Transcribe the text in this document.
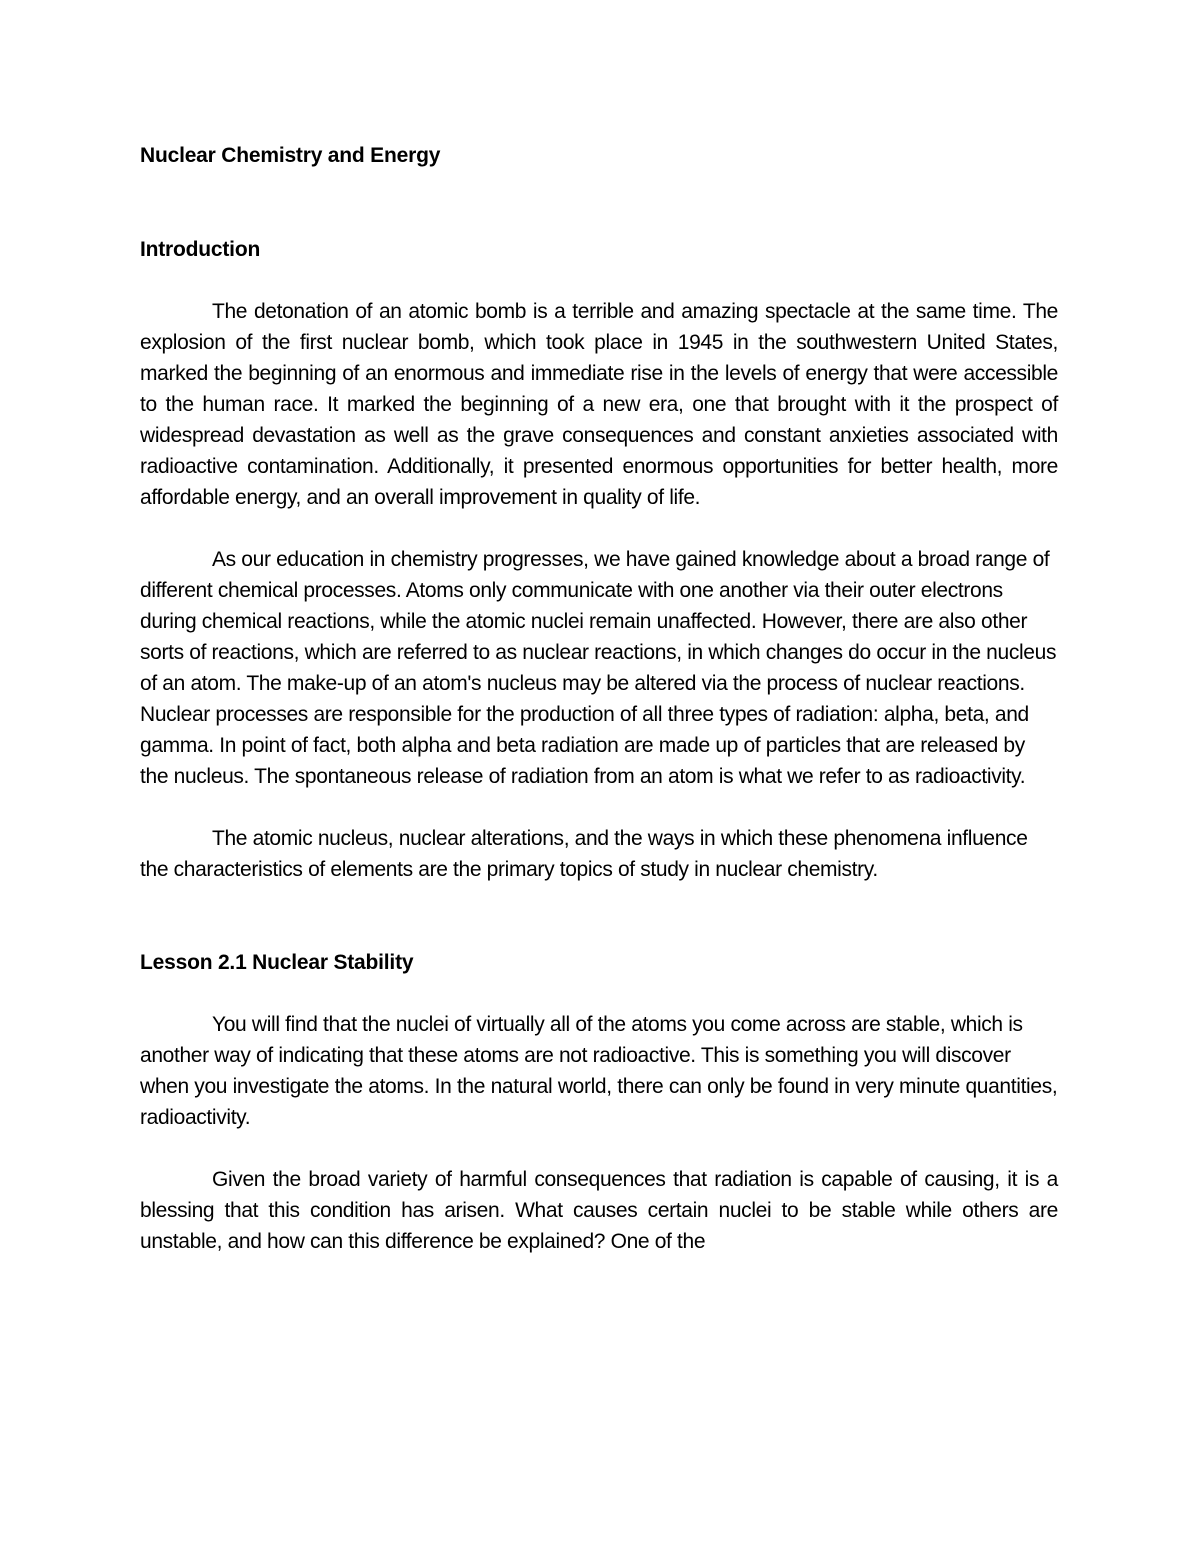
Nuclear Chemistry and Energy
Introduction

The detonation of an atomic bomb is a terrible and amazing spectacle at the same time. The explosion of the first nuclear bomb, which took place in 1945 in the southwestern United States, marked the beginning of an enormous and immediate rise in the levels of energy that were accessible to the human race. It marked the beginning of a new era, one that brought with it the prospect of widespread devastation as well as the grave consequences and constant anxieties associated with radioactive contamination. Additionally, it presented enormous opportunities for better health, more affordable energy, and an overall improvement in quality of life.

As our education in chemistry progresses, we have gained knowledge about a broad range of different chemical processes. Atoms only communicate with one another via their outer electrons during chemical reactions, while the atomic nuclei remain unaffected. However, there are also other sorts of reactions, which are referred to as nuclear reactions, in which changes do occur in the nucleus of an atom. The make-up of an atom's nucleus may be altered via the process of nuclear reactions. Nuclear processes are responsible for the production of all three types of radiation: alpha, beta, and gamma. In point of fact, both alpha and beta radiation are made up of particles that are released by the nucleus. The spontaneous release of radiation from an atom is what we refer to as radioactivity.

The atomic nucleus, nuclear alterations, and the ways in which these phenomena influence the characteristics of elements are the primary topics of study in nuclear chemistry.

Lesson 2.1 Nuclear Stability

You will find that the nuclei of virtually all of the atoms you come across are stable, which is another way of indicating that these atoms are not radioactive. This is something you will discover when you investigate the atoms. In the natural world, there can only be found in very minute quantities, radioactivity.

Given the broad variety of harmful consequences that radiation is capable of causing, it is a blessing that this condition has arisen. What causes certain nuclei to be stable while others are unstable, and how can this difference be explained? One of the
